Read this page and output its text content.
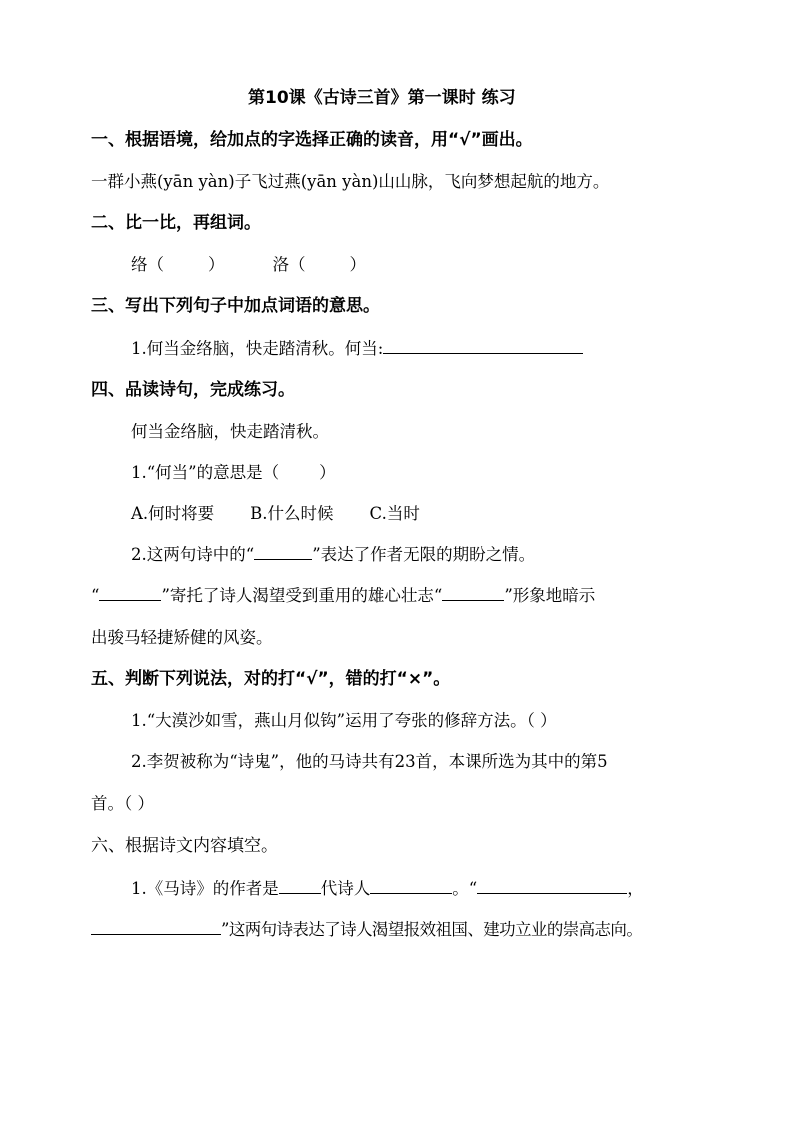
第10课《古诗三首》第一课时 练习
一、根据语境，给加点的字选择正确的读音，用“√”画出。
一群小燕(yān yàn)子飞过燕(yān yàn)山山脉，飞向梦想起航的地方。
二、比一比，再组词。
络（	）	洛（	）
三、写出下列句子中加点词语的意思。
1.何当金络脑，快走踏清秋。何当:
四、品读诗句，完成练习。
何当金络脑，快走踏清秋。
1.“何当”的意思是（ ）
A.何时将要 B.什么时候 C.当时
2.这两句诗中的“	”表达了作者无限的期盼之情。
“	”寄托了诗人渴望受到重用的雄心壮志“	”形象地暗示
出骏马轻捷矫健的风姿。
五、判断下列说法，对的打“√”，错的打“×”。
1.“大漠沙如雪，燕山月似钩”运用了夸张的修辞方法。（ ）
2.李贺被称为“诗鬼”，他的马诗共有23首，本课所选为其中的第5
首。（ ）
六、根据诗文内容填空。
1.《马诗》的作者是	代诗人	。“	，
”这两句诗表达了诗人渴望报效祖国、建功立业的崇高志向。
